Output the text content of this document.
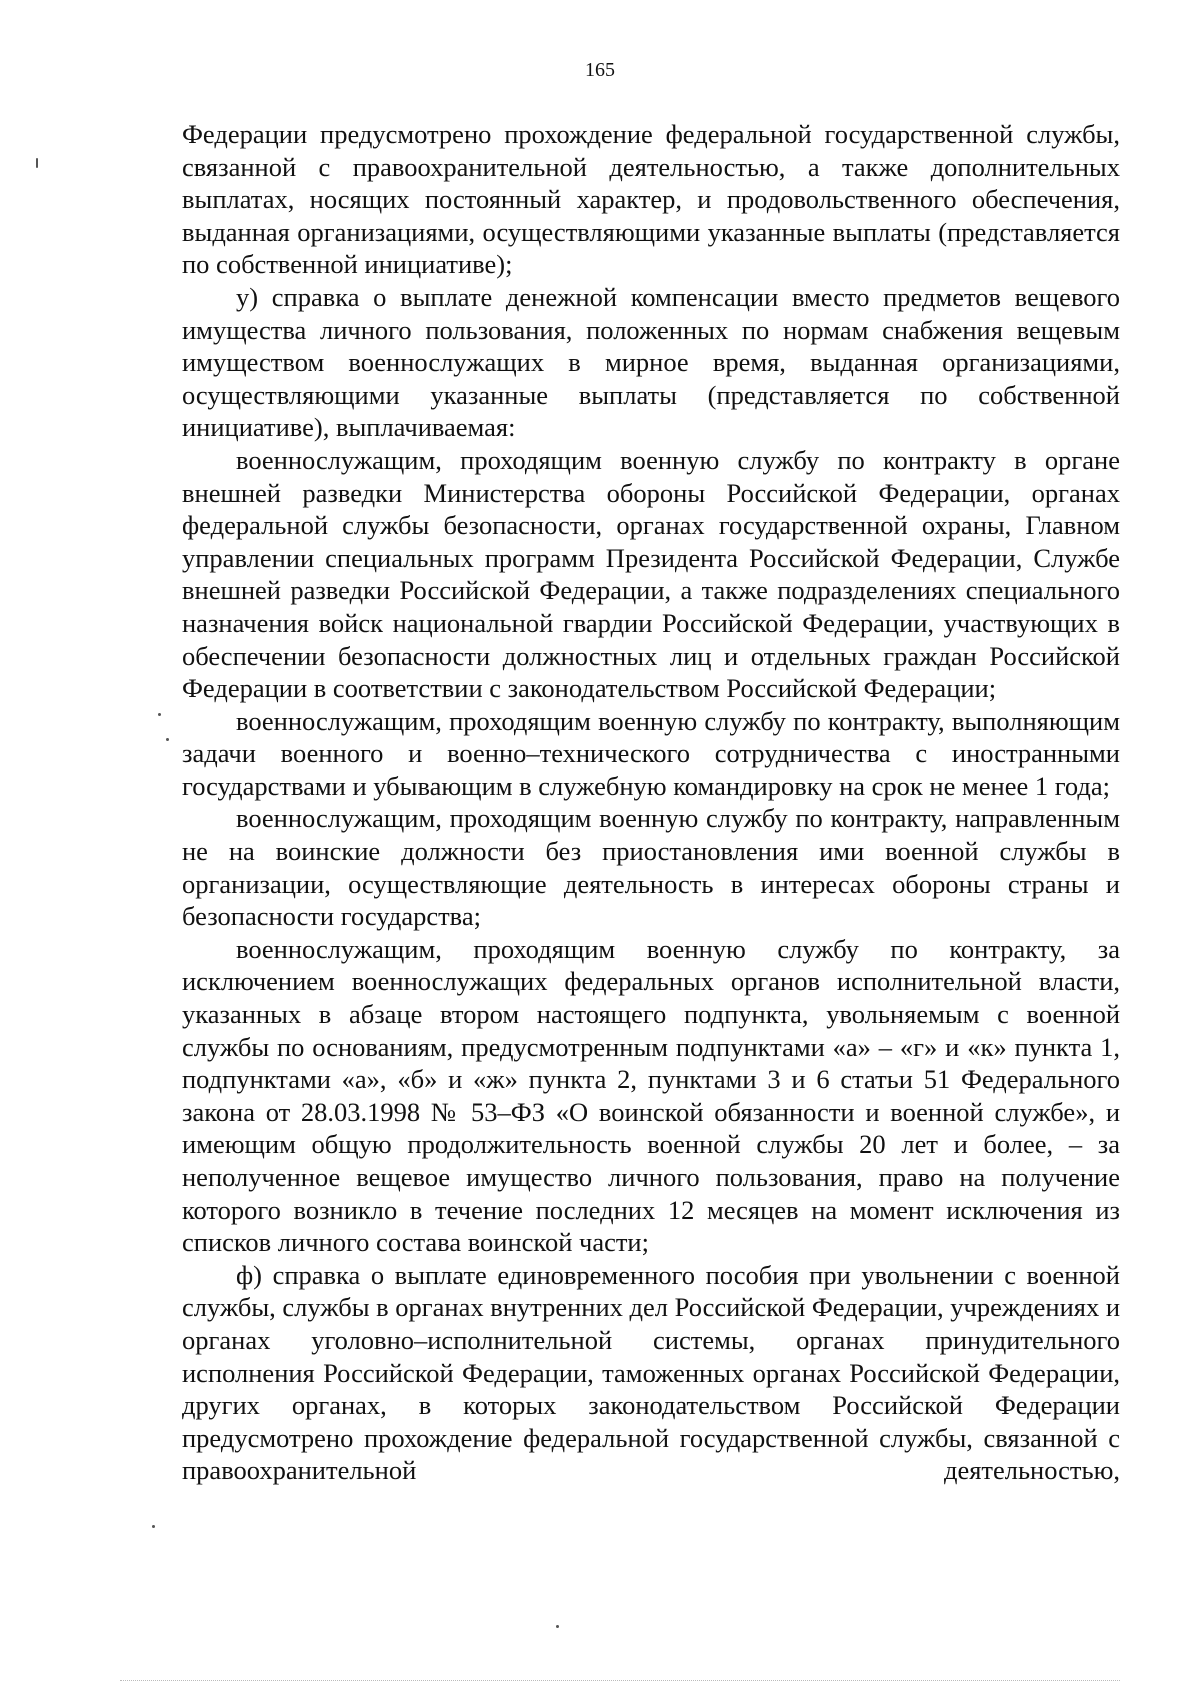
165

Федерации предусмотрено прохождение федеральной государственной службы, связанной с правоохранительной деятельностью, а также дополнительных выплатах, носящих постоянный характер, и продовольственного обеспечения, выданная организациями, осуществляющими указанные выплаты (представляется по собственной инициативе);

у) справка о выплате денежной компенсации вместо предметов вещевого имущества личного пользования, положенных по нормам снабжения вещевым имуществом военнослужащих в мирное время, выданная организациями, осуществляющими указанные выплаты (представляется по собственной инициативе), выплачиваемая:

военнослужащим, проходящим военную службу по контракту в органе внешней разведки Министерства обороны Российской Федерации, органах федеральной службы безопасности, органах государственной охраны, Главном управлении специальных программ Президента Российской Федерации, Службе внешней разведки Российской Федерации, а также подразделениях специального назначения войск национальной гвардии Российской Федерации, участвующих в обеспечении безопасности должностных лиц и отдельных граждан Российской Федерации в соответствии с законодательством Российской Федерации;

военнослужащим, проходящим военную службу по контракту, выполняющим задачи военного и военно–технического сотрудничества с иностранными государствами и убывающим в служебную командировку на срок не менее 1 года;

военнослужащим, проходящим военную службу по контракту, направленным не на воинские должности без приостановления ими военной службы в организации, осуществляющие деятельность в интересах обороны страны и безопасности государства;

военнослужащим, проходящим военную службу по контракту, за исключением военнослужащих федеральных органов исполнительной власти, указанных в абзаце втором настоящего подпункта, увольняемым с военной службы по основаниям, предусмотренным подпунктами «а» – «г» и «к» пункта 1, подпунктами «а», «б» и «ж» пункта 2, пунктами 3 и 6 статьи 51 Федерального закона от 28.03.1998 № 53–ФЗ «О воинской обязанности и военной службе», и имеющим общую продолжительность военной службы 20 лет и более, – за неполученное вещевое имущество личного пользования, право на получение которого возникло в течение последних 12 месяцев на момент исключения из списков личного состава воинской части;

ф) справка о выплате единовременного пособия при увольнении с военной службы, службы в органах внутренних дел Российской Федерации, учреждениях и органах уголовно–исполнительной системы, органах принудительного исполнения Российской Федерации, таможенных органах Российской Федерации, других органах, в которых законодательством Российской Федерации предусмотрено прохождение федеральной государственной службы, связанной с правоохранительной деятельностью,
